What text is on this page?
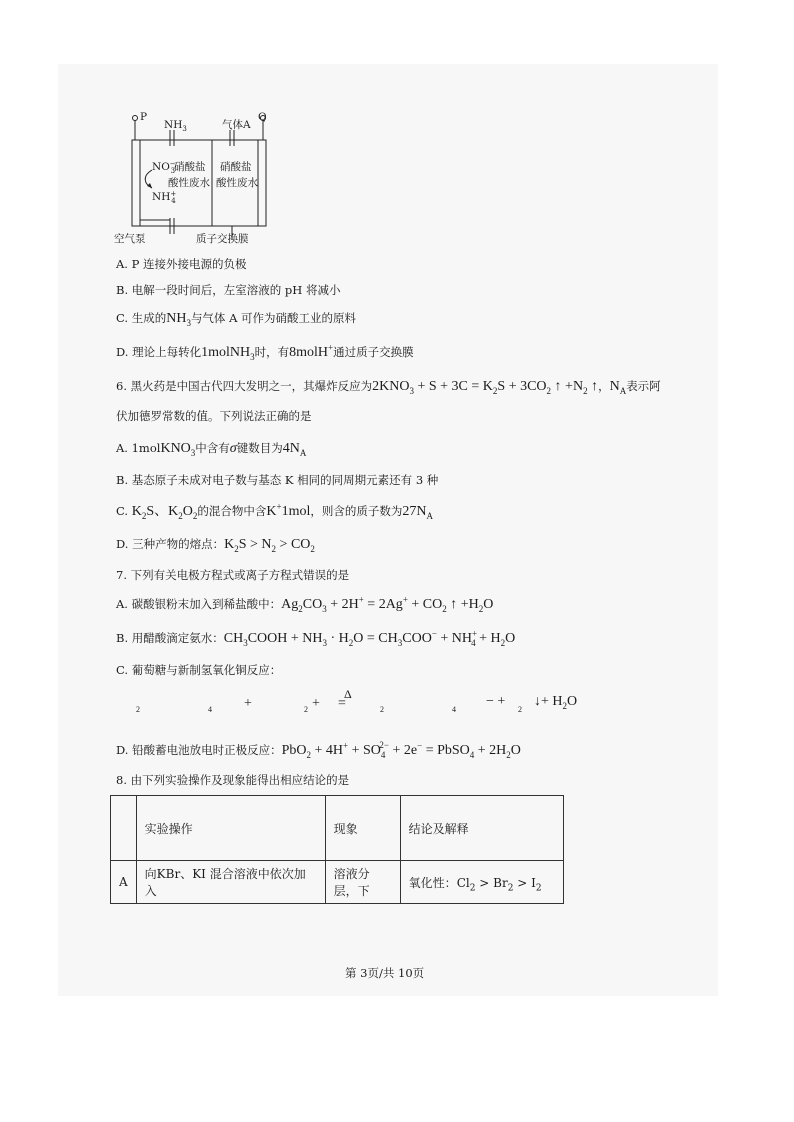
P	Q
$NH_3$	气体A
NO− 3
NH+ 4
硝酸盐
酸性废水
硝酸盐
酸性废水
空气泵	质子交换膜
A. P 连接外接电源的负极
B. 电解一段时间后，左室溶液的 pH 将减小
C. 生成的$NH_3$与气体 A 可作为硝酸工业的原料
D. 理论上每转化1molNH$_3$时，有8molH+通过质子交换膜
6. 黑火药是中国古代四大发明之一，其爆炸反应为$2KNO_3 + S + 3C = K_2S + 3CO_2$ ↑ $+N_2$ ↑，$N_A$表示阿
伏加德罗常数的值。下列说法正确的是
A. 1molKNO$_3$中含有σ键数目为$4N_A$
B. 基态原子未成对电子数与基态 K 相同的同周期元素还有 3 种
C. $K_2S$、$K_2O_2$的混合物中含K+1mol，则含的质子数为$27N_A$
D. 三种产物的熔点：$K_2S > N_2 > CO_2$
7. 下列有关电极方程式或离子方程式错误的是
A. 碳酸银粉末加入到稀盐酸中：$Ag_2CO_3 + 2H^+ = 2Ag^+ + CO_2$ ↑ $+H_2O$
B. 用醋酸滴定氨水：$CH_3COOH + NH_3 \cdot H_2O = CH_3COO^- + NH^+_4 + H_2O$
C. 葡萄糖与新制氢氧化铜反应：
2	4 +	2 +
Δ
=	2	4
− +
2
↓+ $H_2O$
D. 铅酸蓄电池放电时正极反应：$PbO_2 + 4H^+ + SO_4^{2-} + 2e^-$ = PbSO$_4$ + $2H_2O$
8. 由下列实验操作及现象能得出相应结论的是
	实验操作	现象	结论及解释
A	向KBr、KI 混合溶液中依次加入	溶液分层，下	氧化性：$Cl_2 > Br_2 > I_2$
第 3页/共 10页
